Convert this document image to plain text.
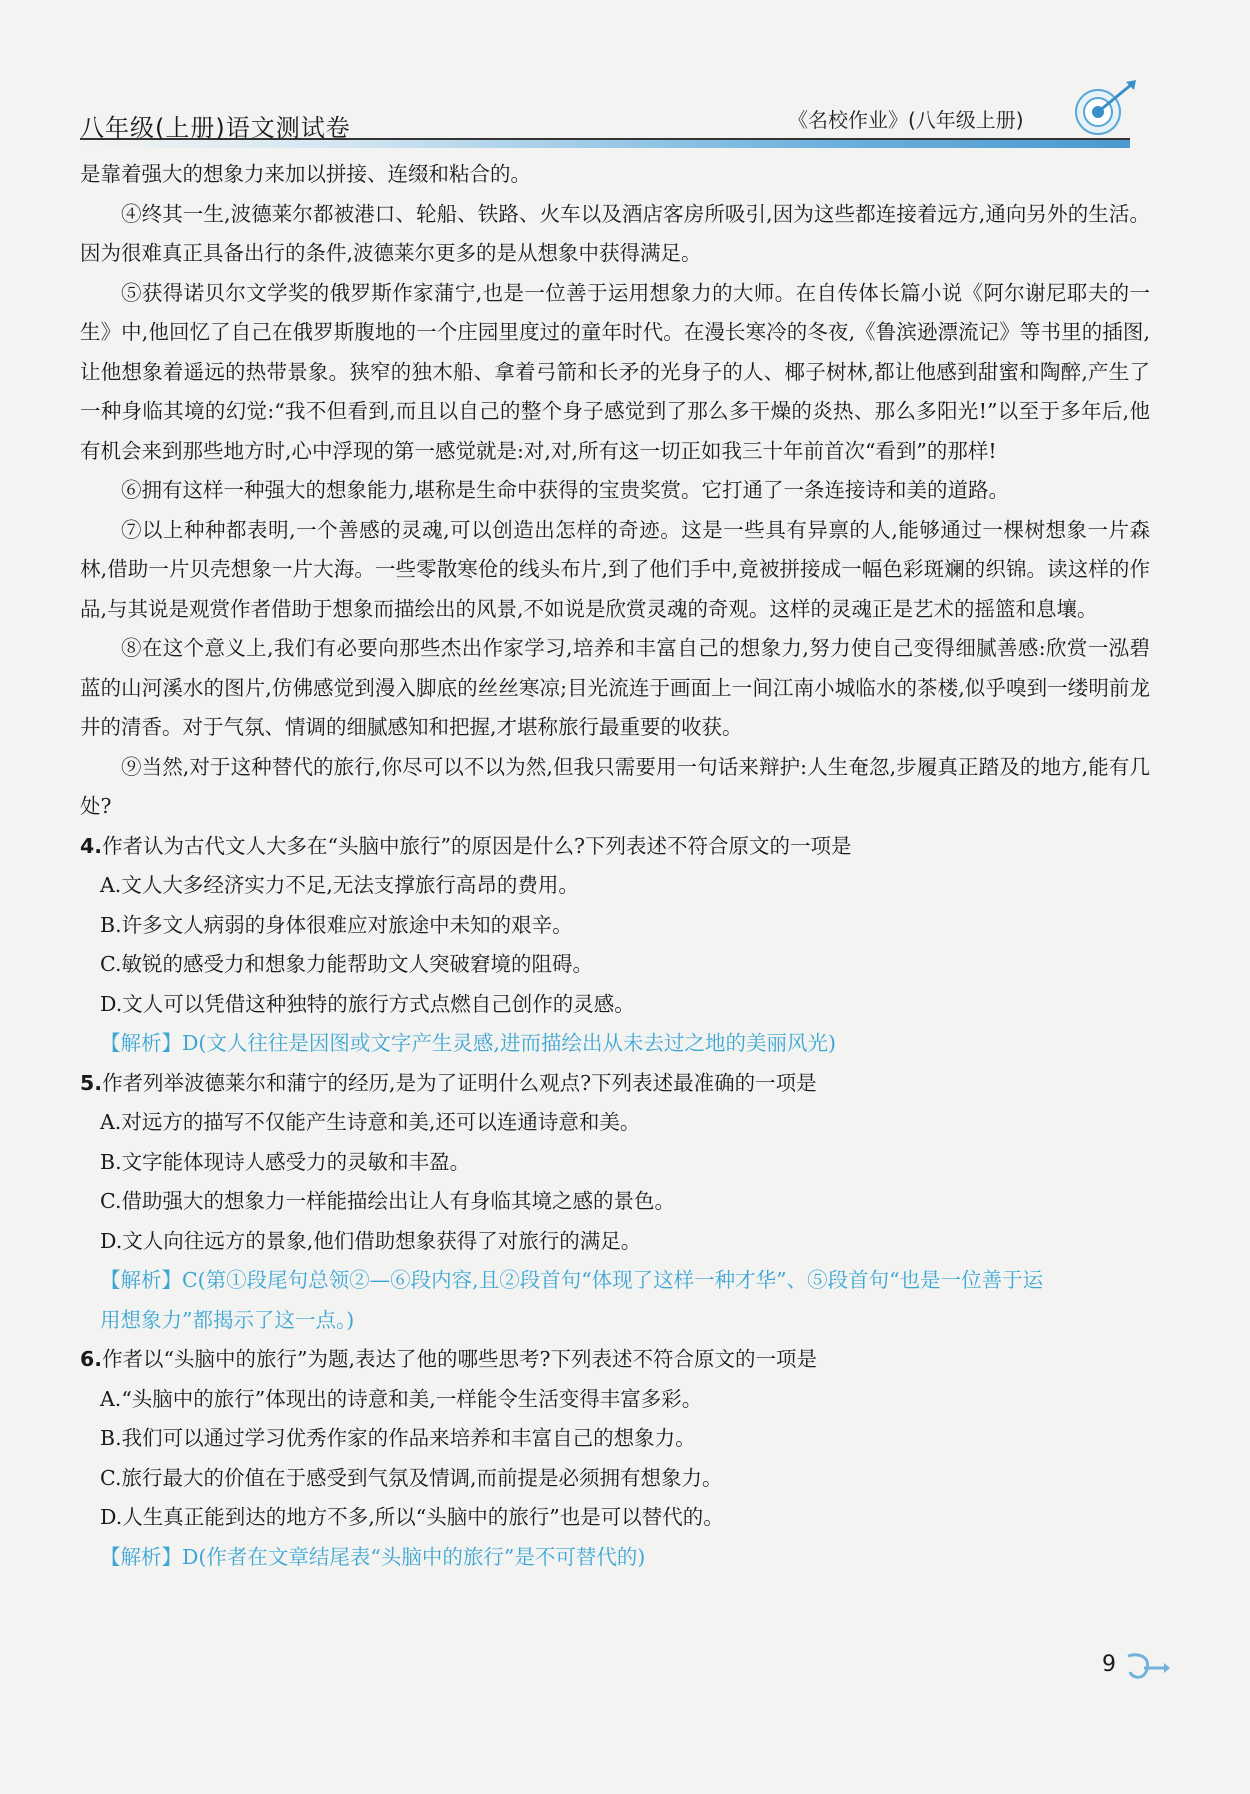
八年级(上册)语文测试卷	《名校作业》(八年级上册)

是靠着强大的想象力来加以拼接、连缀和粘合的。

④终其一生,波德莱尔都被港口、轮船、铁路、火车以及酒店客房所吸引,因为这些都连接着远方,通向另外的生活。因为很难真正具备出行的条件,波德莱尔更多的是从想象中获得满足。

⑤获得诺贝尔文学奖的俄罗斯作家蒲宁,也是一位善于运用想象力的大师。在自传体长篇小说《阿尔谢尼耶夫的一生》中,他回忆了自己在俄罗斯腹地的一个庄园里度过的童年时代。在漫长寒冷的冬夜,《鲁滨逊漂流记》等书里的插图,让他想象着遥远的热带景象。狭窄的独木船、拿着弓箭和长矛的光身子的人、椰子树林,都让他感到甜蜜和陶醉,产生了一种身临其境的幻觉:“我不但看到,而且以自己的整个身子感觉到了那么多干燥的炎热、那么多阳光!”以至于多年后,他有机会来到那些地方时,心中浮现的第一感觉就是:对,对,所有这一切正如我三十年前首次“看到”的那样!

⑥拥有这样一种强大的想象能力,堪称是生命中获得的宝贵奖赏。它打通了一条连接诗和美的道路。

⑦以上种种都表明,一个善感的灵魂,可以创造出怎样的奇迹。这是一些具有异禀的人,能够通过一棵树想象一片森林,借助一片贝壳想象一片大海。一些零散寒伧的线头布片,到了他们手中,竟被拼接成一幅色彩斑斓的织锦。读这样的作品,与其说是观赏作者借助于想象而描绘出的风景,不如说是欣赏灵魂的奇观。这样的灵魂正是艺术的摇篮和息壤。

⑧在这个意义上,我们有必要向那些杰出作家学习,培养和丰富自己的想象力,努力使自己变得细腻善感:欣赏一泓碧蓝的山河溪水的图片,仿佛感觉到漫入脚底的丝丝寒凉;目光流连于画面上一间江南小城临水的茶楼,似乎嗅到一缕明前龙井的清香。对于气氛、情调的细腻感知和把握,才堪称旅行最重要的收获。

⑨当然,对于这种替代的旅行,你尽可以不以为然,但我只需要用一句话来辩护:人生奄忽,步履真正踏及的地方,能有几处?

4.作者认为古代文人大多在“头脑中旅行”的原因是什么?下列表述不符合原文的一项是

A.文人大多经济实力不足,无法支撑旅行高昂的费用。

B.许多文人病弱的身体很难应对旅途中未知的艰辛。

C.敏锐的感受力和想象力能帮助文人突破窘境的阻碍。

D.文人可以凭借这种独特的旅行方式点燃自己创作的灵感。

【解析】D(文人往往是因图或文字产生灵感,进而描绘出从未去过之地的美丽风光)

5.作者列举波德莱尔和蒲宁的经历,是为了证明什么观点?下列表述最准确的一项是

A.对远方的描写不仅能产生诗意和美,还可以连通诗意和美。

B.文字能体现诗人感受力的灵敏和丰盈。

C.借助强大的想象力一样能描绘出让人有身临其境之感的景色。

D.文人向往远方的景象,他们借助想象获得了对旅行的满足。

【解析】C(第①段尾句总领②—⑥段内容,且②段首句“体现了这样一种才华”、⑤段首句“也是一位善于运

用想象力”都揭示了这一点。)

6.作者以“头脑中的旅行”为题,表达了他的哪些思考?下列表述不符合原文的一项是

A.“头脑中的旅行”体现出的诗意和美,一样能令生活变得丰富多彩。

B.我们可以通过学习优秀作家的作品来培养和丰富自己的想象力。

C.旅行最大的价值在于感受到气氛及情调,而前提是必须拥有想象力。

D.人生真正能到达的地方不多,所以“头脑中的旅行”也是可以替代的。

【解析】D(作者在文章结尾表“头脑中的旅行”是不可替代的)

9
